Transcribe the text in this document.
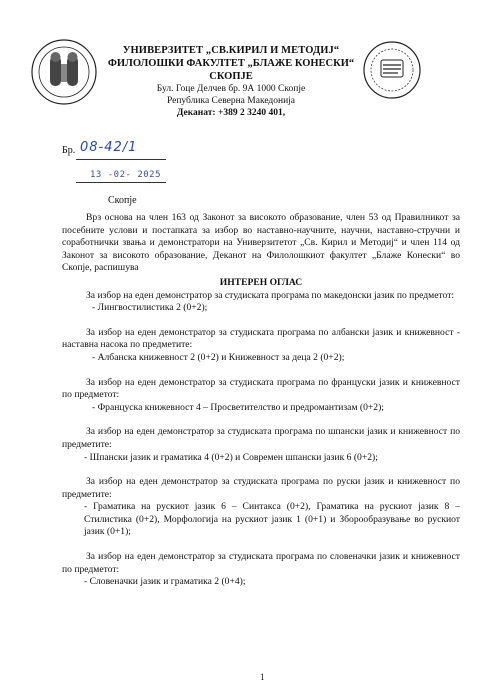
УНИВЕРЗИТЕТ „СВ.КИРИЛ И МЕТОДИЈ“
ФИЛОЛОШКИ ФАКУЛТЕТ „БЛАЖЕ КОНЕСКИ“
СКОПЈЕ
Бул. Гоце Делчев бр. 9А 1000 Скопје
Република Северна Македонија
Деканат: +389 2 3240 401,
Бр. 08-42/1
13 -02- 2025
Скопје

Врз основа на член 163 од Законот за високото образование, член 53 од Правилникот за посебните услови и постапката за избор во наставно-научните, научни, наставно-стручни и соработнички звања и демонстратори на Универзитетот „Св. Кирил и Методиј“ и член 114 од Законот за високото образование, Деканот на Филолошкиот факултет „Блаже Конески“ во Скопје, распишува

ИНТЕРЕН ОГЛАС

За избор на еден демонстратор за студиската програма по македонски јазик по предметот:

- Лингвостилистика 2 (0+2);

За избор на еден демонстратор за студиската програма по албански јазик и книжевност - наставна насока по предметите:

- Албанска книжевност 2 (0+2) и Книжевност за деца 2 (0+2);

За избор на еден демонстратор за студиската програма по француски јазик и книжевност по предметот:

- Француска книжевност 4 – Просветителство и предромантизам (0+2);

За избор на еден демонстратор за студиската програма по шпански јазик и книжевност по предметите:

- Шпански јазик и граматика 4 (0+2) и Современ шпански јазик 6 (0+2);

За избор на еден демонстратор за студиската програма по руски јазик и книжевност по предметите:

- Граматика на рускиот јазик 6 – Синтакса (0+2), Граматика на рускиот јазик 8 – Стилистика (0+2), Морфологија на рускиот јазик 1 (0+1) и Зборообразување во рускиот јазик (0+1);

За избор на еден демонстратор за студиската програма по словеначки јазик и книжевност по предметот:

- Словеначки јазик и граматика 2 (0+4);

1
